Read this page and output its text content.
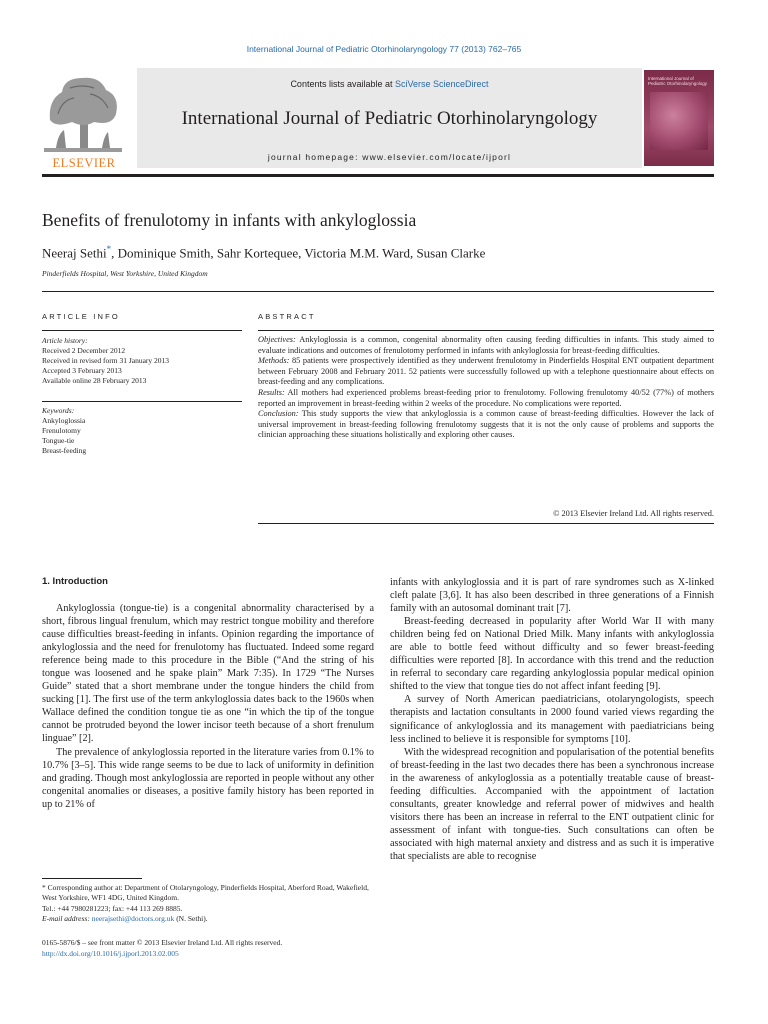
International Journal of Pediatric Otorhinolaryngology 77 (2013) 762–765
ELSEVIER
Contents lists available at SciVerse ScienceDirect
International Journal of Pediatric Otorhinolaryngology
journal homepage: www.elsevier.com/locate/ijporl
International Journal of Pediatric Otorhinolaryngology
Benefits of frenulotomy in infants with ankyloglossia
Neeraj Sethi*, Dominique Smith, Sahr Kortequee, Victoria M.M. Ward, Susan Clarke
Pinderfields Hospital, West Yorkshire, United Kingdom
ARTICLE INFO	ABSTRACT
Article history:
Received 2 December 2012
Received in revised form 31 January 2013
Accepted 3 February 2013
Available online 28 February 2013
Keywords:
Ankyloglossia
Frenulotomy
Tongue-tie
Breast-feeding

Objectives: Ankyloglossia is a common, congenital abnormality often causing feeding difficulties in infants. This study aimed to evaluate indications and outcomes of frenulotomy performed in infants with ankyloglossia for breast-feeding difficulties.

Methods: 85 patients were prospectively identified as they underwent frenulotomy in Pinderfields Hospital ENT outpatient department between February 2008 and February 2011. 52 patients were successfully followed up with a telephone questionnaire about effects on breast-feeding and any complications.

Results: All mothers had experienced problems breast-feeding prior to frenulotomy. Following frenulotomy 40/52 (77%) of mothers reported an improvement in breast-feeding within 2 weeks of the procedure. No complications were reported.

Conclusion: This study supports the view that ankyloglossia is a common cause of breast-feeding difficulties. However the lack of universal improvement in breast-feeding following frenulotomy suggests that it is not the only cause of problems and supports the clinician approaching these situations holistically and exploring other causes.

© 2013 Elsevier Ireland Ltd. All rights reserved.
1. Introduction

Ankyloglossia (tongue-tie) is a congenital abnormality characterised by a short, fibrous lingual frenulum, which may restrict tongue mobility and therefore cause difficulties breast-feeding in infants. Opinion regarding the importance of ankyloglossia and the need for frenulotomy has fluctuated. Indeed some regard reference being made to this procedure in the Bible (“And the string of his tongue was loosened and he spake plain” Mark 7:35). In 1729 “The Nurses Guide” stated that a short membrane under the tongue hinders the child from sucking [1]. The first use of the term ankyloglossia dates back to the 1960s when Wallace defined the condition tongue tie as one “in which the tip of the tongue cannot be protruded beyond the lower incisor teeth because of a short frenulum linguae” [2].

The prevalence of ankyloglossia reported in the literature varies from 0.1% to 10.7% [3–5]. This wide range seems to be due to lack of uniformity in definition and grading. Though most ankyloglossia are reported in people without any other congenital anomalies or diseases, a positive family history has been reported in up to 21% of

infants with ankyloglossia and it is part of rare syndromes such as X-linked cleft palate [3,6]. It has also been described in three generations of a Finnish family with an autosomal dominant trait [7].

Breast-feeding decreased in popularity after World War II with many children being fed on National Dried Milk. Many infants with ankyloglossia are able to bottle feed without difficulty and so fewer breast-feeding difficulties were reported [8]. In accordance with this trend and the reduction in referral to secondary care regarding ankyloglossia popular medical opinion shifted to the view that tongue ties do not affect infant feeding [9].

A survey of North American paediatricians, otolaryngologists, speech therapists and lactation consultants in 2000 found varied views regarding the significance of ankyloglossia and its management with paediatricians being less inclined to believe it is responsible for symptoms [10].

With the widespread recognition and popularisation of the potential benefits of breast-feeding in the last two decades there has been a synchronous increase in the awareness of ankyloglossia as a potentially treatable cause of breast-feeding difficulties. Accompanied with the appointment of lactation consultants, greater knowledge and referral power of midwives and health visitors there has been an increase in referral to the ENT outpatient clinic for assessment of infant with tongue-ties. Such consultations can often be associated with high maternal anxiety and distress and as such it is imperative that specialists are able to recognise

* Corresponding author at: Department of Otolaryngology, Pinderfields Hospital, Aberford Road, Wakefield, West Yorkshire, WF1 4DG, United Kingdom.

Tel.: +44 7980281223; fax: +44 113 269 8885.

E-mail address: neerajsethi@doctors.org.uk (N. Sethi).

0165-5876/$ – see front matter © 2013 Elsevier Ireland Ltd. All rights reserved.

http://dx.doi.org/10.1016/j.ijporl.2013.02.005
